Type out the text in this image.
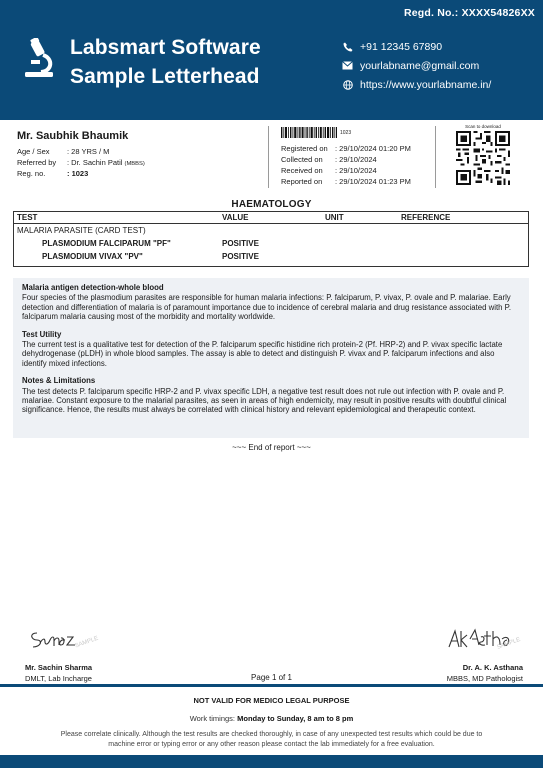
Regd. No.: XXXX54826XX
Labsmart Software
Sample Letterhead
+91 12345 67890
yourlabname@gmail.com
https://www.yourlabname.in/
Mr. Saubhik Bhaumik
Age / Sex	: 28 YRS / M
Referred by	: Dr. Sachin Patil (MBBS)
Reg. no.	: 1023
1023
Registered on : 29/10/2024 01:20 PM
Collected on	: 29/10/2024
Received on	: 29/10/2024
Reported on	: 29/10/2024 01:23 PM
Scan to download
HAEMATOLOGY
TEST	VALUE	UNIT	REFERENCE
MALARIA PARASITE (CARD TEST)
PLASMODIUM FALCIPARUM "PF"	POSITIVE
PLASMODIUM VIVAX "PV"	POSITIVE
Malaria antigen detection-whole blood

Four species of the plasmodium parasites are responsible for human malaria infections: P. falciparum, P. vivax, P. ovale and P. malariae. Early detection and differentiation of malaria is of paramount importance due to incidence of cerebral malaria and drug resistance associated with P. falciparum malaria causing most of the morbidity and mortality worldwide.

Test Utility

The current test is a qualitative test for detection of the P. falciparum specific histidine rich protein-2 (Pf. HRP-2) and P. vivax specific lactate dehydrogenase (pLDH) in whole blood samples. The assay is able to detect and distinguish P. vivax and P. falciparum infections and also identify mixed infections.

Notes & Limitations

The test detects P. falciparum specific HRP-2 and P. vivax specific LDH, a negative test result does not rule out infection with P. ovale and P. malariae. Constant exposure to the malarial parasites, as seen in areas of high endemicity, may result in positive results with doubtful clinical significance. Hence, the results must always be correlated with clinical history and relevant epidemiological and therapeutic context.

~~~ End of report ~~~
SAMPLE	SAMPLE
Mr. Sachin Sharma
DMLT, Lab Incharge	Page 1 of 1
Dr. A. K. Asthana
MBBS, MD Pathologist
NOT VALID FOR MEDICO LEGAL PURPOSE
Work timings: Monday to Sunday, 8 am to 8 pm
Please correlate clinically. Although the test results are checked thoroughly, in case of any unexpected test results which could be due to machine error or typing error or any other reason please contact the lab immediately for a free evaluation.
